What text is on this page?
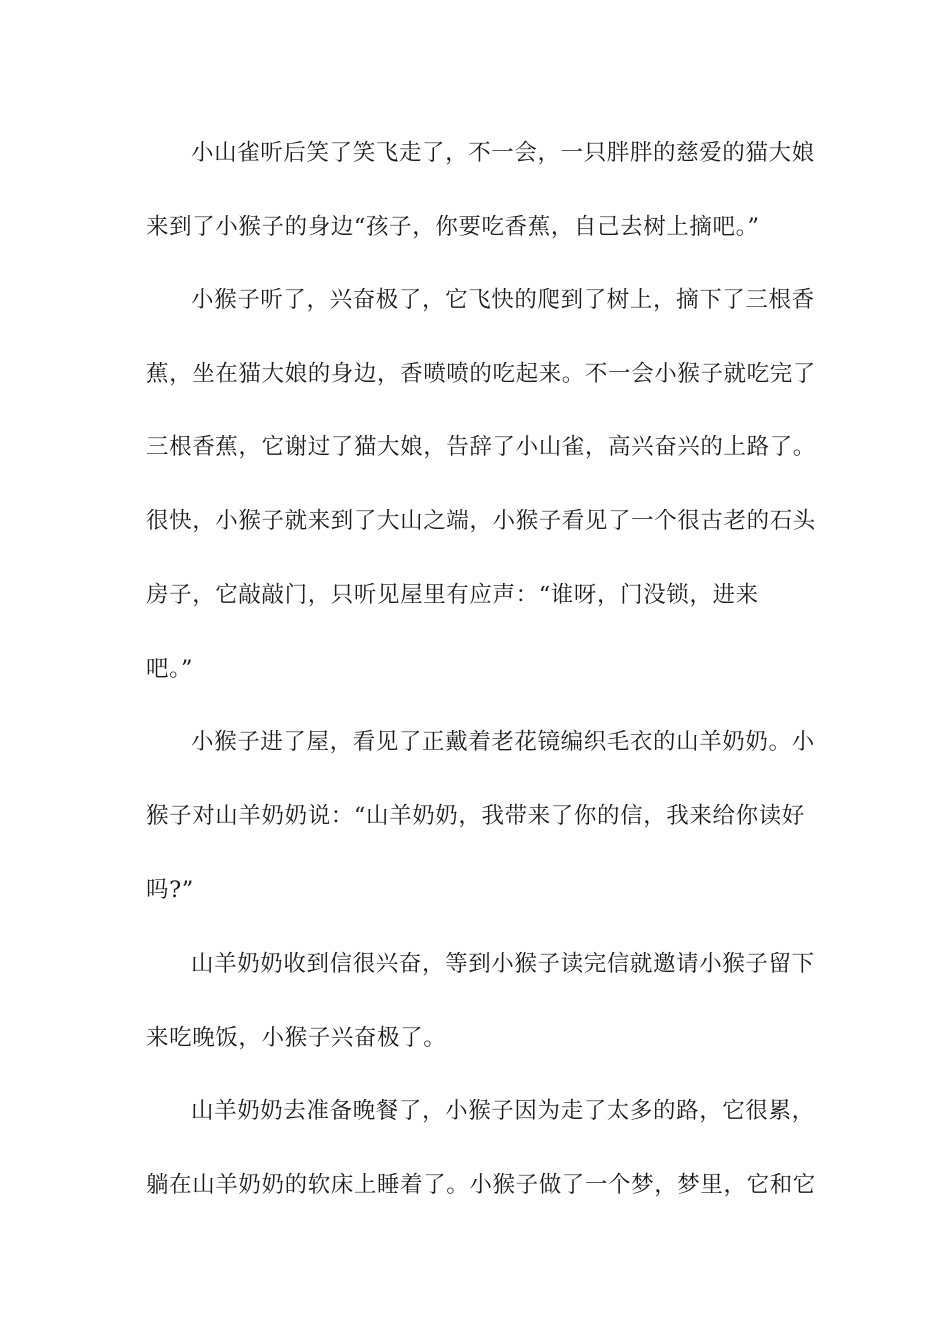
小山雀听后笑了笑飞走了，不一会，一只胖胖的慈爱的猫大娘
来到了小猴子的身边“孩子，你要吃香蕉，自己去树上摘吧。”
小猴子听了，兴奋极了，它飞快的爬到了树上，摘下了三根香
蕉，坐在猫大娘的身边，香喷喷的吃起来。不一会小猴子就吃完了
三根香蕉，它谢过了猫大娘，告辞了小山雀，高兴奋兴的上路了。
很快，小猴子就来到了大山之端，小猴子看见了一个很古老的石头
房子，它敲敲门，只听见屋里有应声：“谁呀，门没锁，进来
吧。”
小猴子进了屋，看见了正戴着老花镜编织毛衣的山羊奶奶。小
猴子对山羊奶奶说：“山羊奶奶，我带来了你的信，我来给你读好
吗?”
山羊奶奶收到信很兴奋，等到小猴子读完信就邀请小猴子留下
来吃晚饭，小猴子兴奋极了。
山羊奶奶去准备晚餐了，小猴子因为走了太多的路，它很累，
躺在山羊奶奶的软床上睡着了。小猴子做了一个梦，梦里，它和它
